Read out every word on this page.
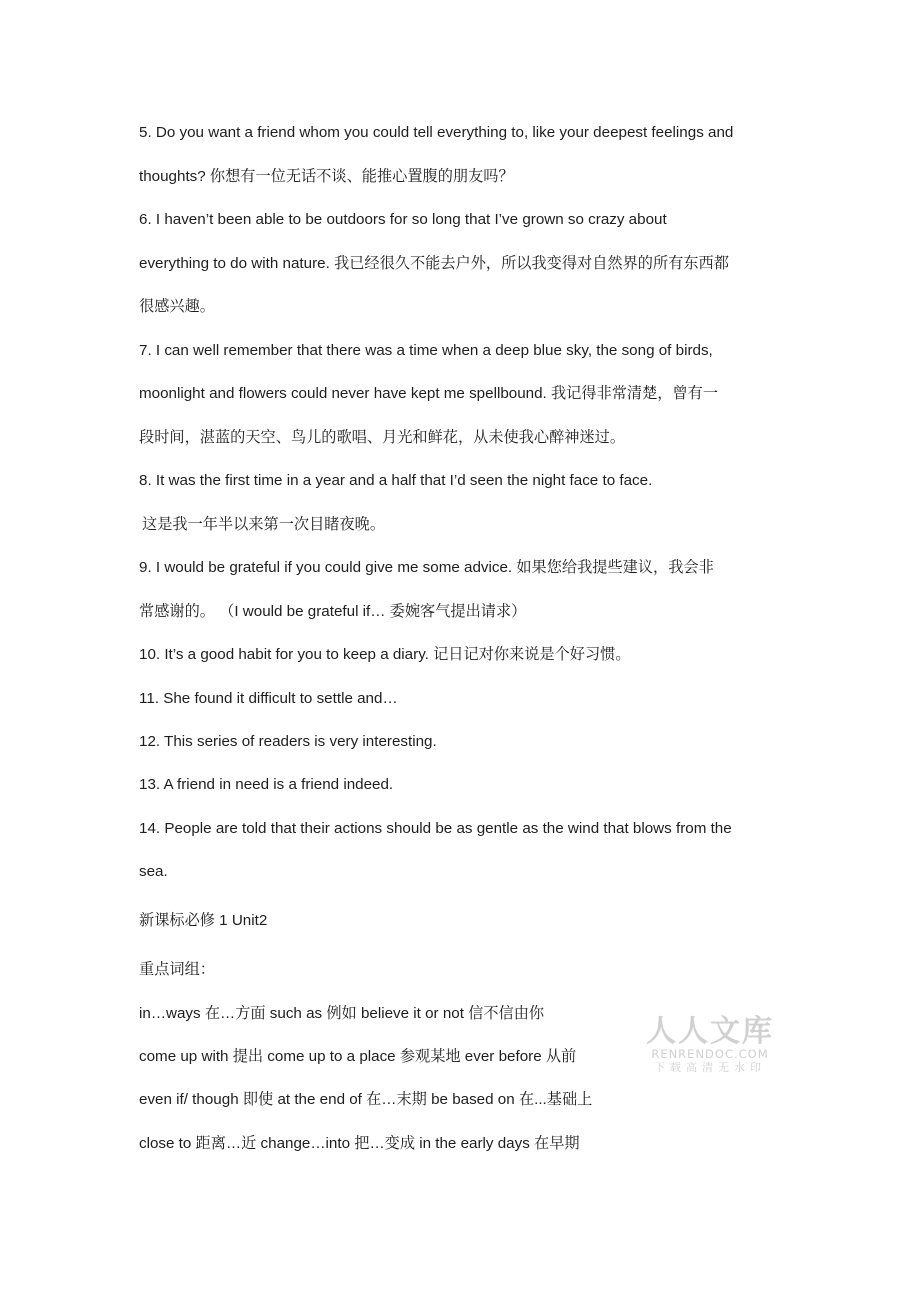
5. Do you want a friend whom you could tell everything to, like your deepest feelings and
thoughts? 你想有一位无话不谈、能推心置腹的朋友吗？
6. I haven’t been able to be outdoors for so long that I’ve grown so crazy about
everything to do with nature. 我已经很久不能去户外，所以我变得对自然界的所有东西都
很感兴趣。
7. I can well remember that there was a time when a deep blue sky, the song of birds,
moonlight and flowers could never have kept me spellbound. 我记得非常清楚，曾有一
段时间，湛蓝的天空、鸟儿的歌唱、月光和鲜花，从未使我心醉神迷过。
8. It was the first time in a year and a half that I’d seen the night face to face.
这是我一年半以来第一次目睹夜晚。
9. I would be grateful if you could give me some advice. 如果您给我提些建议，我会非
常感谢的。 （I would be grateful if… 委婉客气提出请求）
10. It’s a good habit for you to keep a diary. 记日记对你来说是个好习惯。
11. She found it difficult to settle and…
12. This series of readers is very interesting.
13. A friend in need is a friend indeed.
14. People are told that their actions should be as gentle as the wind that blows from the
sea.
新课标必修 1 Unit2
重点词组：
in…ways 在…方面 such as 例如 believe it or not 信不信由你
come up with 提出 come up to a place 参观某地 ever before 从前
even if/ though 即使 at the end of 在…末期 be based on 在...基础上
close to 距离…近 change…into 把…变成 in the early days 在早期
人人文库
RENRENDOC.COM
下载高清无水印
